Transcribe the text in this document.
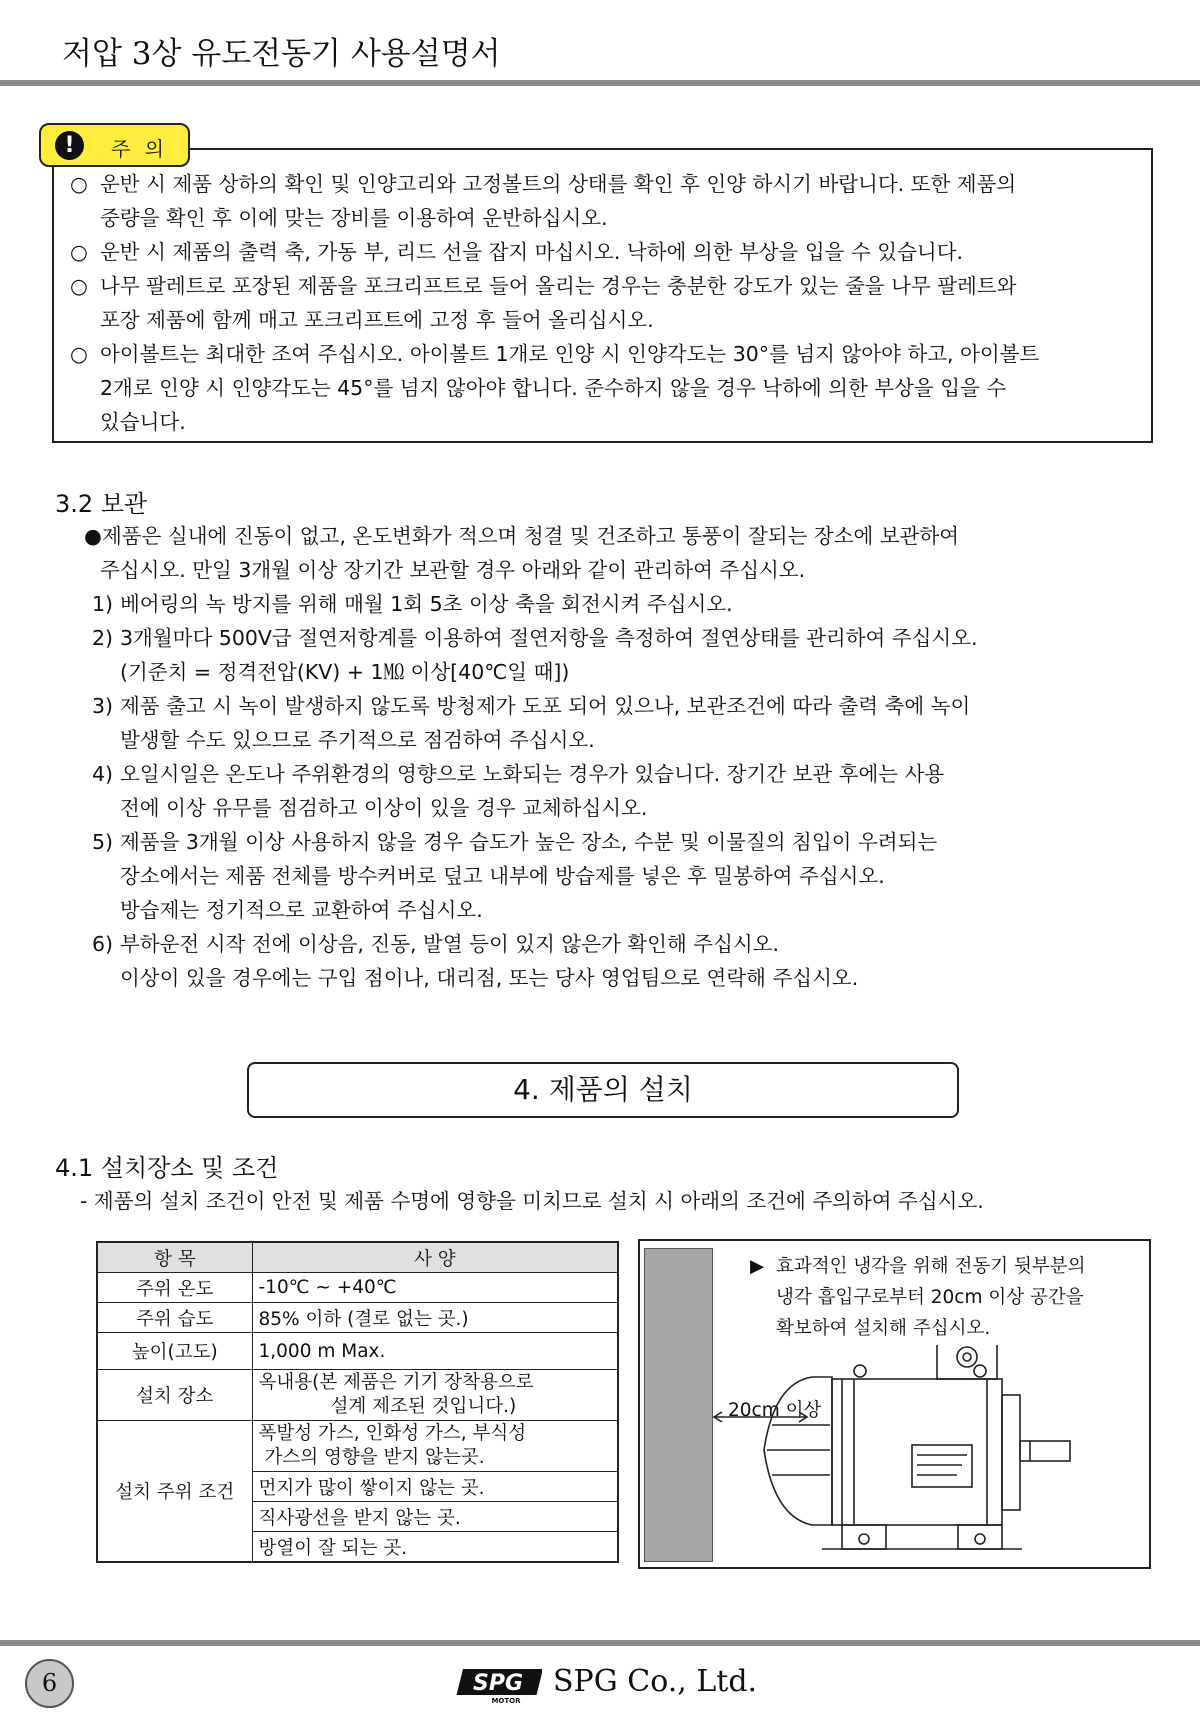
저압 3상 유도전동기 사용설명서
!	주 의
○ 운반 시 제품 상하의 확인 및 인양고리와 고정볼트의 상태를 확인 후 인양 하시기 바랍니다. 또한 제품의
중량을 확인 후 이에 맞는 장비를 이용하여 운반하십시오.
○ 운반 시 제품의 출력 축, 가동 부, 리드 선을 잡지 마십시오. 낙하에 의한 부상을 입을 수 있습니다.
○ 나무 팔레트로 포장된 제품을 포크리프트로 들어 올리는 경우는 충분한 강도가 있는 줄을 나무 팔레트와
포장 제품에 함께 매고 포크리프트에 고정 후 들어 올리십시오.
○ 아이볼트는 최대한 조여 주십시오. 아이볼트 1개로 인양 시 인양각도는 30°를 넘지 않아야 하고, 아이볼트
2개로 인양 시 인양각도는 45°를 넘지 않아야 합니다. 준수하지 않을 경우 낙하에 의한 부상을 입을 수
있습니다.
3.2 보관
● 제품은 실내에 진동이 없고, 온도변화가 적으며 청결 및 건조하고 통풍이 잘되는 장소에 보관하여
주십시오. 만일 3개월 이상 장기간 보관할 경우 아래와 같이 관리하여 주십시오.
1) 베어링의 녹 방지를 위해 매월 1회 5초 이상 축을 회전시켜 주십시오.
2) 3개월마다 500V급 절연저항계를 이용하여 절연저항을 측정하여 절연상태를 관리하여 주십시오.
(기준치 = 정격전압(KV) + 1㏁ 이상[40℃일 때])
3) 제품 출고 시 녹이 발생하지 않도록 방청제가 도포 되어 있으나, 보관조건에 따라 출력 축에 녹이
발생할 수도 있으므로 주기적으로 점검하여 주십시오.
4) 오일시일은 온도나 주위환경의 영향으로 노화되는 경우가 있습니다. 장기간 보관 후에는 사용
전에 이상 유무를 점검하고 이상이 있을 경우 교체하십시오.
5) 제품을 3개월 이상 사용하지 않을 경우 습도가 높은 장소, 수분 및 이물질의 침입이 우려되는
장소에서는 제품 전체를 방수커버로 덮고 내부에 방습제를 넣은 후 밀봉하여 주십시오.
방습제는 정기적으로 교환하여 주십시오.
6) 부하운전 시작 전에 이상음, 진동, 발열 등이 있지 않은가 확인해 주십시오.
이상이 있을 경우에는 구입 점이나, 대리점, 또는 당사 영업팀으로 연락해 주십시오.
4. 제품의 설치
4.1 설치장소 및 조건
- 제품의 설치 조건이 안전 및 제품 수명에 영향을 미치므로 설치 시 아래의 조건에 주의하여 주십시오.
항 목	사 양
주위 온도	-10℃ ~ +40℃
주위 습도	85% 이하 (결로 없는 곳.)
높이(고도)	1,000 m Max.
설치 장소	옥내용(본 제품은 기기 장착용으로
설계 제조된 것입니다.)

설치 주위 조건	폭발성 가스, 인화성 가스, 부식성
가스의 영향을 받지 않는곳.

	먼지가 많이 쌓이지 않는 곳.
	직사광선을 받지 않는 곳.
	방열이 잘 되는 곳.
▶ 효과적인 냉각을 위해 전동기 뒷부분의
냉각 흡입구로부터 20cm 이상 공간을
확보하여 설치해 주십시오.
20cm 이상
6	SPG
MOTOR
SPG Co., Ltd.
